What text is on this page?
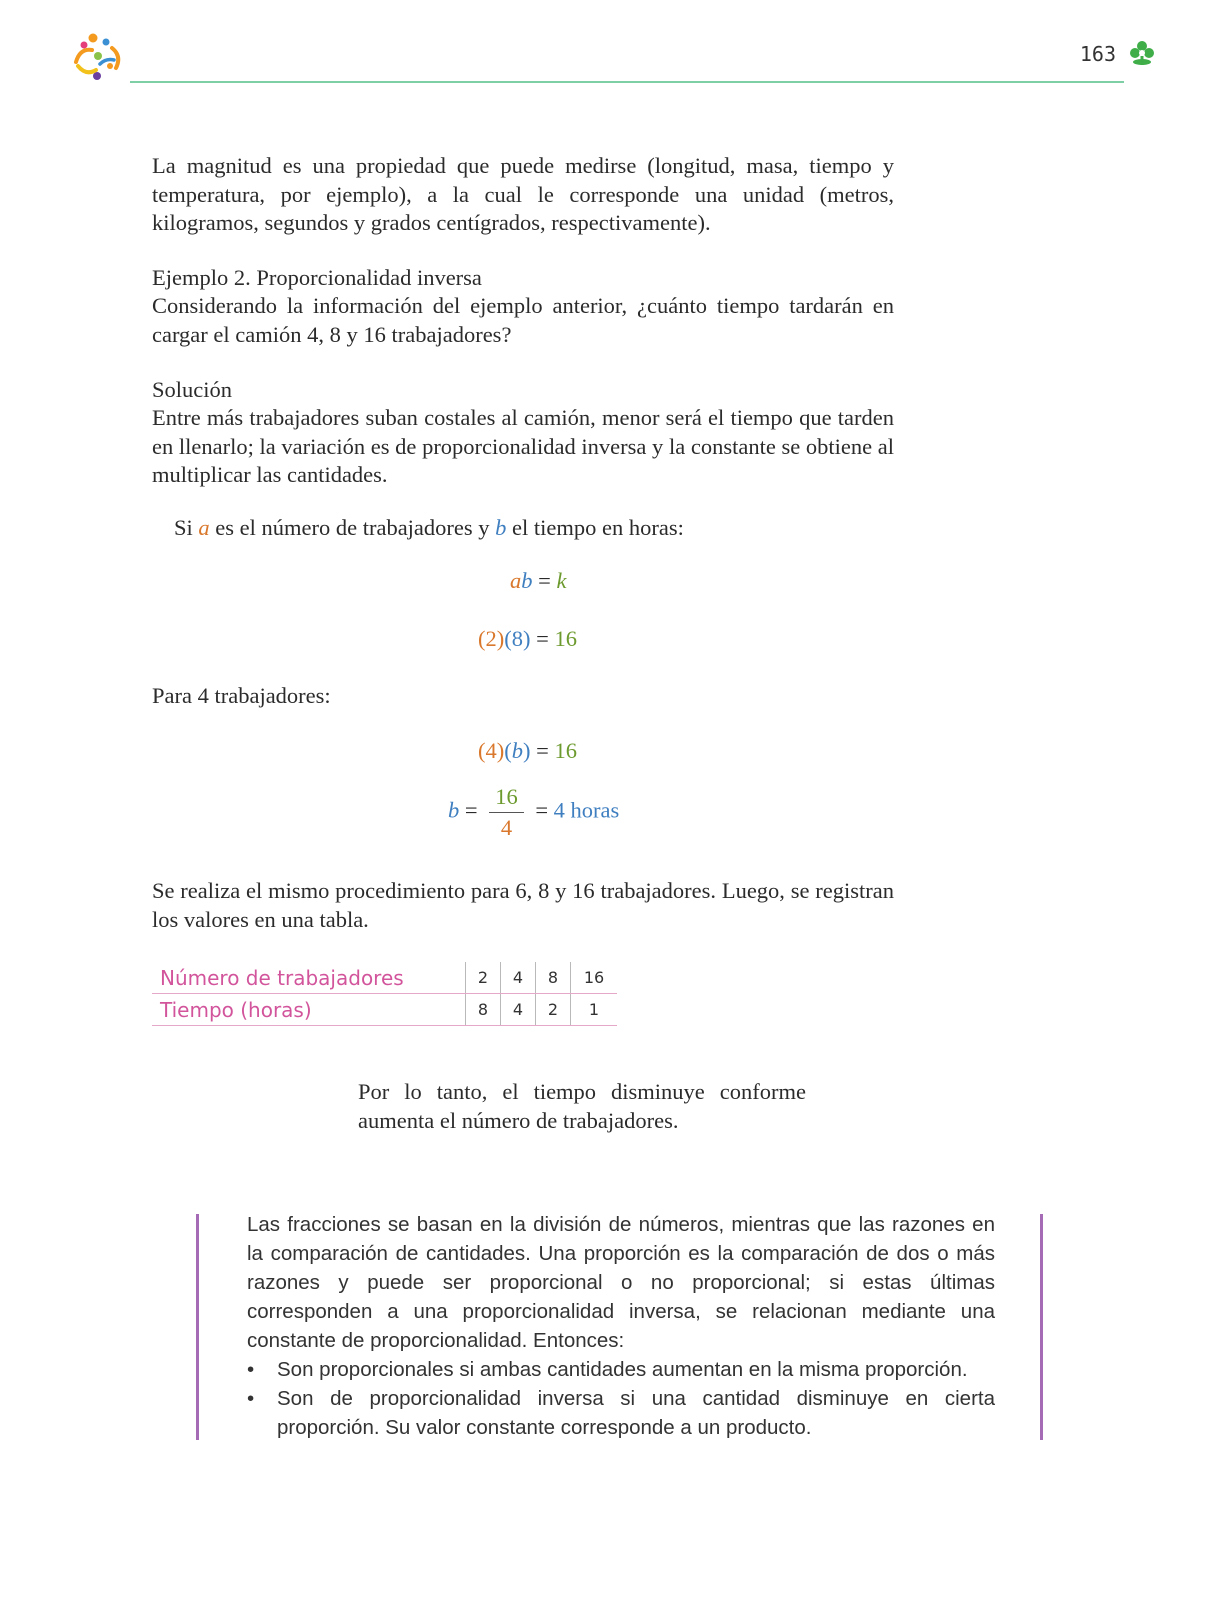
163

La magnitud es una propiedad que puede medirse (longitud, masa, tiempo y temperatura, por ejemplo), a la cual le corresponde una unidad (metros, kilogramos, segundos y grados centígrados, respectivamente).

Ejemplo 2. Proporcionalidad inversa

Considerando la información del ejemplo anterior, ¿cuánto tiempo tardarán en cargar el camión 4, 8 y 16 trabajadores?

Solución

Entre más trabajadores suban costales al camión, menor será el tiempo que tarden en llenarlo; la variación es de proporcionalidad inversa y la constante se obtiene al multiplicar las cantidades.

Si a es el número de trabajadores y b el tiempo en horas:

ab = k
(2)(8) = 16

Para 4 trabajadores:

(4)(b) = 16
$b = \frac{16}{4} = 4$ horas

Se realiza el mismo procedimiento para 6, 8 y 16 trabajadores. Luego, se registran los valores en una tabla.

Número de trabajadores	2	4	8	16
Tiempo (horas)	8	4	2	1

Por lo tanto, el tiempo disminuye conforme aumenta el número de trabajadores.

Las fracciones se basan en la división de números, mientras que las razones en la comparación de cantidades. Una proporción es la comparación de dos o más razones y puede ser proporcional o no proporcional; si estas últimas corresponden a una proporcionalidad inversa, se relacionan mediante una constante de proporcionalidad. Entonces:

•	Son proporcionales si ambas cantidades aumentan en la misma proporción.

•	Son de proporcionalidad inversa si una cantidad disminuye en cierta proporción. Su valor constante corresponde a un producto.
